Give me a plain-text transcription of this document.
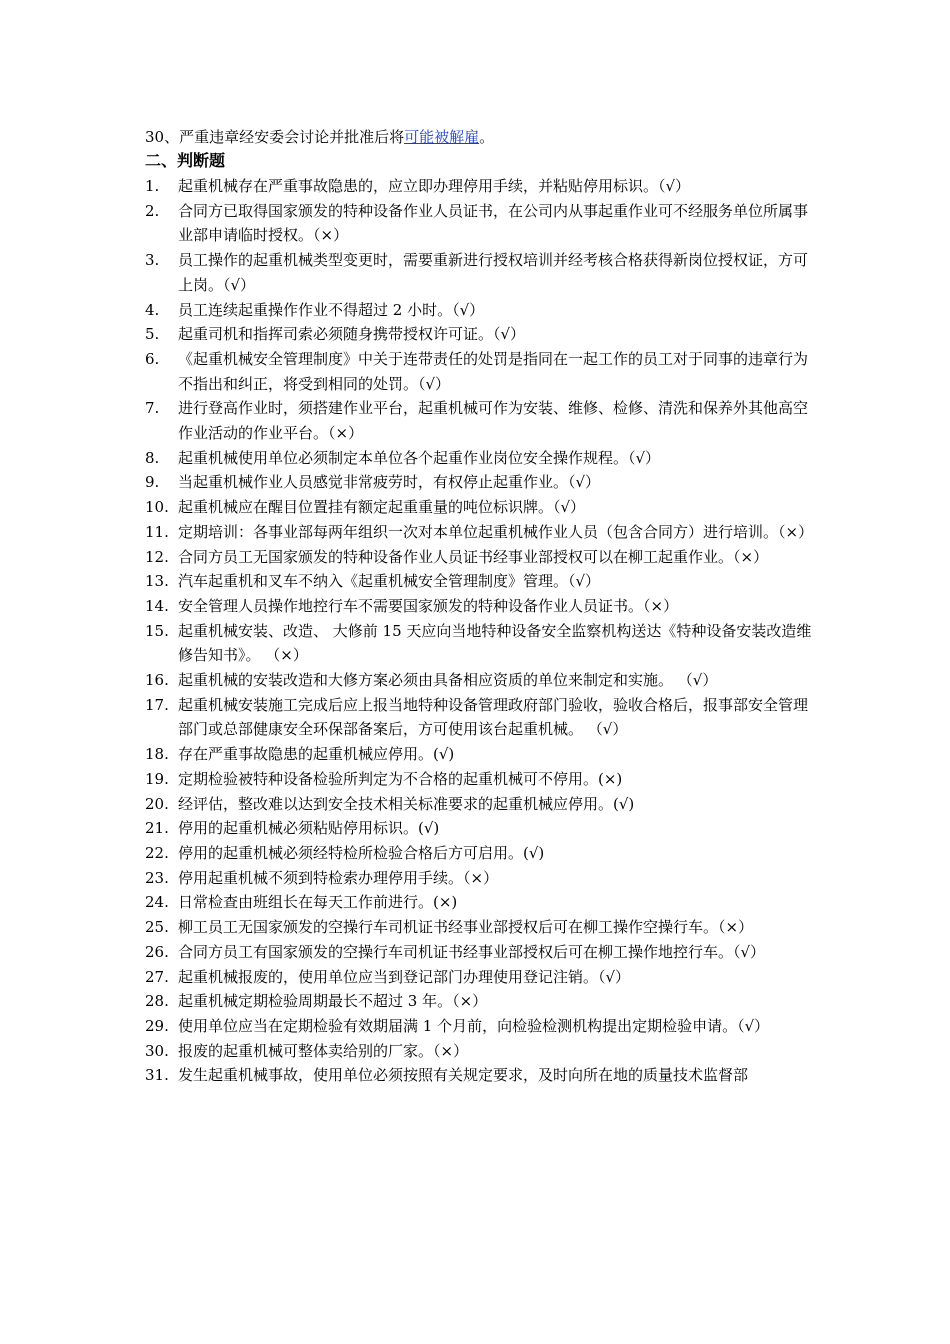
30、严重违章经安委会讨论并批准后将可能被解雇。
二、判断题
1.	起重机械存在严重事故隐患的，应立即办理停用手续，并粘贴停用标识。（√）
2.	合同方已取得国家颁发的特种设备作业人员证书，在公司内从事起重作业可不经服务单位所属事业部申请临时授权。（×）
3.	员工操作的起重机械类型变更时，需要重新进行授权培训并经考核合格获得新岗位授权证，方可上岗。（√）
4.	员工连续起重操作作业不得超过 2 小时。（√）
5.	起重司机和指挥司索必须随身携带授权许可证。（√）
6.	《起重机械安全管理制度》中关于连带责任的处罚是指同在一起工作的员工对于同事的违章行为不指出和纠正，将受到相同的处罚。（√）
7.	进行登高作业时，须搭建作业平台，起重机械可作为安装、维修、检修、清洗和保养外其他高空作业活动的作业平台。（×）
8.	起重机械使用单位必须制定本单位各个起重作业岗位安全操作规程。（√）
9.	当起重机械作业人员感觉非常疲劳时，有权停止起重作业。（√）
10. 起重机械应在醒目位置挂有额定起重重量的吨位标识牌。（√）
11. 定期培训：各事业部每两年组织一次对本单位起重机械作业人员（包含合同方）进行培训。（×）
12. 合同方员工无国家颁发的特种设备作业人员证书经事业部授权可以在柳工起重作业。（×）
13. 汽车起重机和叉车不纳入《起重机械安全管理制度》管理。（√）
14. 安全管理人员操作地控行车不需要国家颁发的特种设备作业人员证书。（×）
15. 起重机械安装、改造、 大修前 15 天应向当地特种设备安全监察机构送达《特种设备安装改造维修告知书》。 （×）
16. 起重机械的安装改造和大修方案必须由具备相应资质的单位来制定和实施。 （√）
17. 起重机械安装施工完成后应上报当地特种设备管理政府部门验收，验收合格后，报事部安全管理部门或总部健康安全环保部备案后，方可使用该台起重机械。 （√）
18. 存在严重事故隐患的起重机械应停用。(√)
19. 定期检验被特种设备检验所判定为不合格的起重机械可不停用。(×)
20. 经评估，整改难以达到安全技术相关标准要求的起重机械应停用。(√)
21. 停用的起重机械必须粘贴停用标识。(√)
22. 停用的起重机械必须经特检所检验合格后方可启用。(√)
23. 停用起重机械不须到特检索办理停用手续。（×）
24. 日常检查由班组长在每天工作前进行。(×)
25. 柳工员工无国家颁发的空操行车司机证书经事业部授权后可在柳工操作空操行车。（×）
26. 合同方员工有国家颁发的空操行车司机证书经事业部授权后可在柳工操作地控行车。（√）
27. 起重机械报废的，使用单位应当到登记部门办理使用登记注销。（√）
28. 起重机械定期检验周期最长不超过 3 年。（×）
29. 使用单位应当在定期检验有效期届满 1 个月前，向检验检测机构提出定期检验申请。（√）
30. 报废的起重机械可整体卖给别的厂家。（×）
31. 发生起重机械事故，使用单位必须按照有关规定要求，及时向所在地的质量技术监督部
